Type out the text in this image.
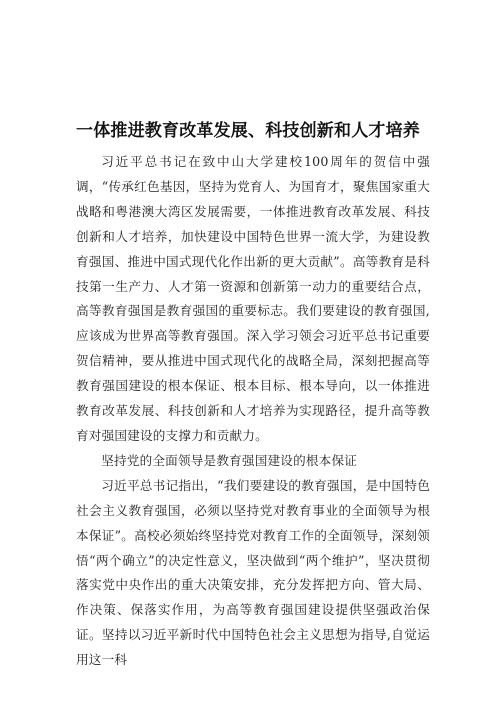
一体推进教育改革发展、科技创新和人才培养

习近平总书记在致中山大学建校100周年的贺信中强调，“传承红色基因，坚持为党育人、为国育才，聚焦国家重大战略和粤港澳大湾区发展需要，一体推进教育改革发展、科技创新和人才培养，加快建设中国特色世界一流大学，为建设教育强国、推进中国式现代化作出新的更大贡献”。高等教育是科技第一生产力、人才第一资源和创新第一动力的重要结合点，高等教育强国是教育强国的重要标志。我们要建设的教育强国,应该成为世界高等教育强国。深入学习领会习近平总书记重要贺信精神，要从推进中国式现代化的战略全局，深刻把握高等教育强国建设的根本保证、根本目标、根本导向，以一体推进教育改革发展、科技创新和人才培养为实现路径，提升高等教育对强国建设的支撑力和贡献力。

坚持党的全面领导是教育强国建设的根本保证

习近平总书记指出，“我们要建设的教育强国，是中国特色社会主义教育强国，必须以坚持党对教育事业的全面领导为根本保证”。高校必须始终坚持党对教育工作的全面领导，深刻领悟“两个确立”的决定性意义，坚决做到“两个维护”，坚决贯彻落实党中央作出的重大决策安排，充分发挥把方向、管大局、作决策、保落实作用，为高等教育强国建设提供坚强政治保证。坚持以习近平新时代中国特色社会主义思想为指导,自觉运用这一科
